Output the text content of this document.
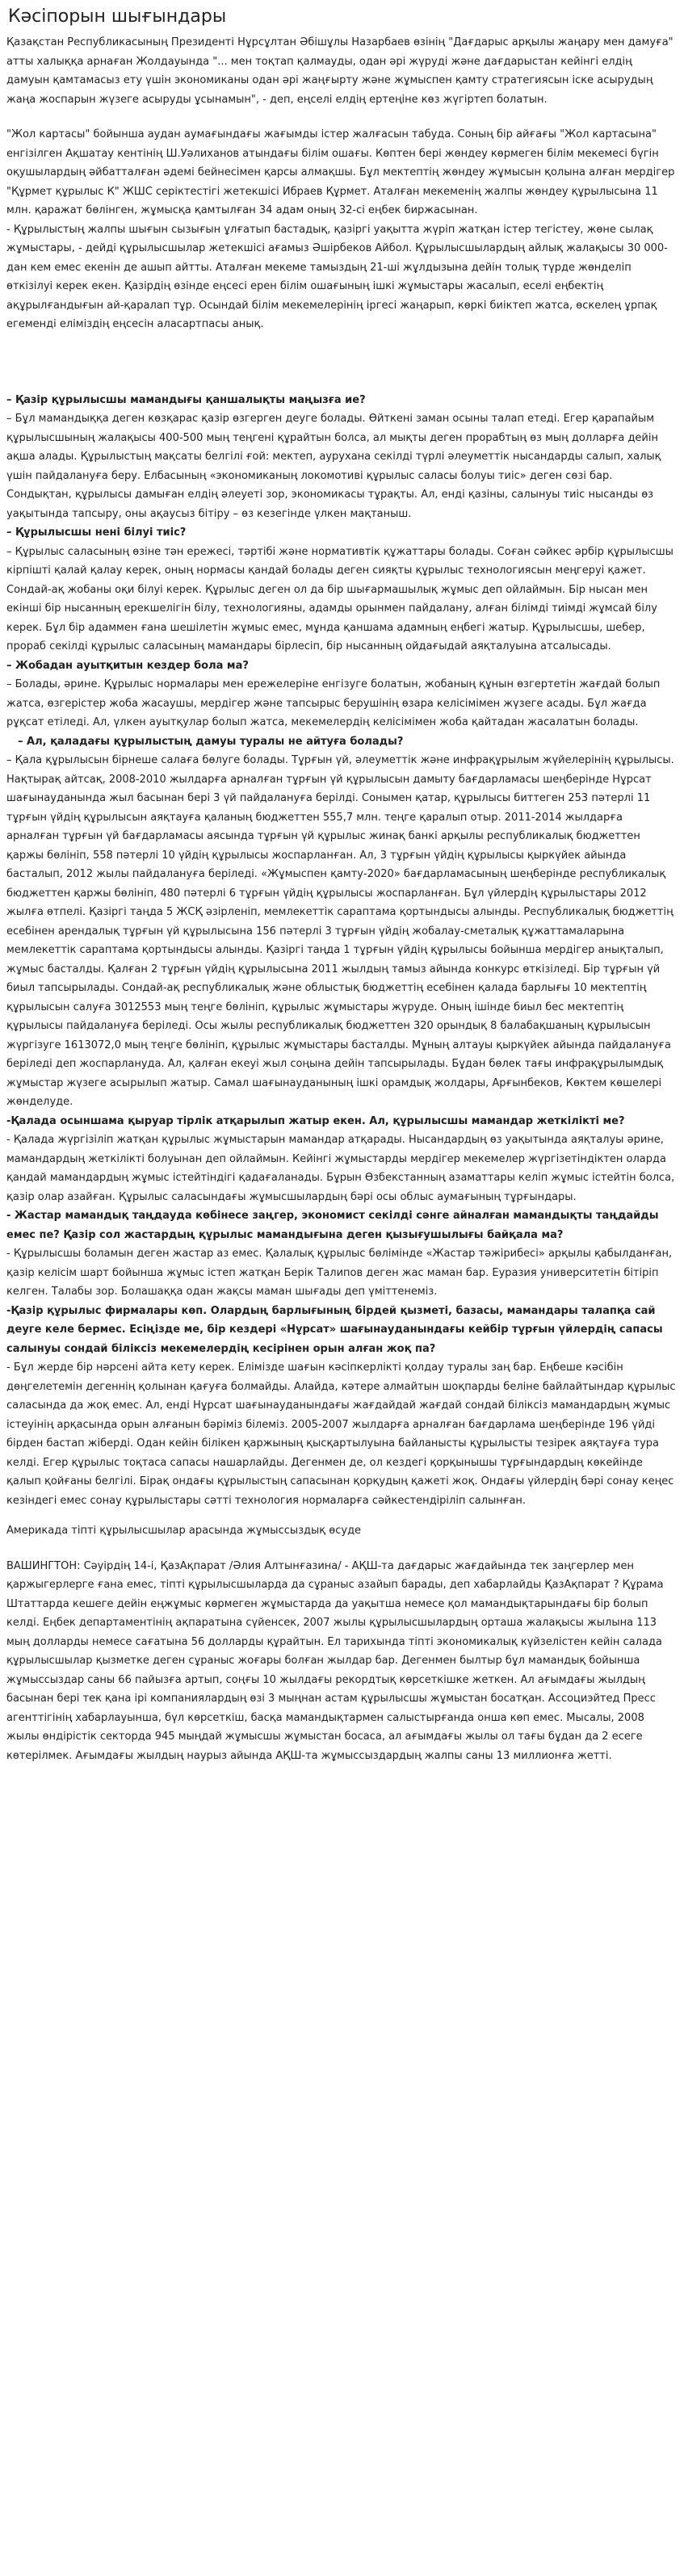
Кәсіпорын шығындары

Қазақстан Республикасының Президенті Нұрсұлтан Әбішұлы Назарбаев өзінің "Дағдарыс арқылы жаңару мен дамуға" атты халыққа арнаған Жолдауында "... мен тоқтап қалмауды, одан әрі жүруді және дағдарыстан кейінгі елдің дамуын қамтамасыз ету үшін экономиканы одан әрі жаңғырту және жұмыспен қамту стратегиясын іске асырудың жаңа жоспарын жүзеге асыруды ұсынамын", - деп, еңселі елдің ертеңіне көз жүгіртеп болатын.

"Жол картасы" бойынша аудан аумағындағы жағымды істер жалғасын табуда. Соның бір айғағы "Жол картасына" енгізілген Ақшатау кентінің Ш.Уәлиханов атындағы білім ошағы. Көптен бері жөндеу көрмеген білім мекемесі бүгін оқушылардың әйбатталған әдемі бейнесімен қарсы алмақшы. Бұл мектептің жөндеу жұмысын қолына алған мердігер "Құрмет құрылыс К" ЖШС серіктестігі жетекшісі Ибраев Құрмет. Аталған мекеменің жалпы жөндеу құрылысына 11 млн. қаражат бөлінген, жұмысқа қамтылған 34 адам оның 32-сі еңбек биржасынан.

- Құрылыстың жалпы шығын сызығын ұлғатып бастадық, қазіргі уақытта жүріп жатқан істер тегістеу, жөне сылақ жұмыстары, - дейді құрылысшылар жетекшісі ағамыз Әшірбеков Айбол. Құрылысшылардың айлық жалақысы 30 000-дан кем емес екенін де ашып айтты. Аталған мекеме тамыздың 21-ші жұлдызына дейін толық түрде жөнделіп өткізілуі керек екен. Қазірдің өзінде еңсесі ерен білім ошағының ішкі жұмыстары жасалып, еселі еңбектің ақұрылғандығын ай-қаралап тұр. Осындай білім мекемелерінің іргесі жаңарып, көркі биіктеп жатса, өскелең ұрпақ егеменді еліміздің еңсесін аласартпасы анық.

– Қазір құрылысшы мамандығы қаншалықты маңызға ие?

– Бұл мамандыққа деген көзқарас қазір өзгерген деуге болады. Өйткені заман осыны талап етеді. Егер қарапайым құрылысшының жалақысы 400-500 мың теңгені құрайтын болса, ал мықты деген прорабтың өз мың долларға дейін ақша алады. Құрылыстың мақсаты белгілі ғой: мектеп, ауруxана секілді түрлі әлеуметтік нысандарды салып, халық үшін пайдалануға беру. Елбасының «экономиканың локомотиві құрылыс саласы болуы тиіс» деген сөзі бар. Сондықтан, құрылысы дамыған елдің әлеуеті зор, экономикасы тұрақты. Ал, енді қазіны, салынуы тиіс нысанды өз уақытында тапсыру, оны ақаусыз бітіру – өз кезегінде үлкен мақтаныш.

– Құрылысшы нені білуі тиіс?

– Құрылыс саласының өзіне тән ережесі, тәртібі және нормативтік құжаттары болады. Соған сәйкес әрбір құрылысшы кірпішті қалай қалау керек, оның нормасы қандай болады деген сияқты құрылыс технологиясын меңгеруі қажет. Сондай-ақ жобаны оқи білуі керек. Құрылыс деген ол да бір шығармашылық жұмыс деп ойлаймын. Бір нысан мен екінші бір нысанның ерекшелігін білу, технологияны, адамды орынмен пайдалану, алған білімді тиімді жұмсай білу керек. Бұл бір адаммен ғана шешілетін жұмыс емес, мұнда қаншама адамның еңбегі жатыр. Құрылысшы, шебер, прораб секілді құрылыс саласының мамандары бірлесіп, бір нысанның ойдағыдай аяқталуына атсалысады.

– Жобадан ауытқитын кездер бола ма?

– Болады, әрине. Құрылыс нормалары мен ережелеріне енгізуге болатын, жобаның құнын өзгертетін жағдай болып жатса, өзгерістер жоба жасаушы, мердігер және тапсырыс берушінің өзара келісімімен жүзеге асады. Бұл жағда рұқсат етіледі. Ал, үлкен ауытқулар болып жатса, мекемелердің келісімімен жоба қайтадан жасалатын болады.

– Ал, қаладағы құрылыстың дамуы туралы не айтуға болады?

– Қала құрылысын бірнеше салаға бөлуге болады. Тұрғын үй, әлеуметтік және инфрақұрылым жүйелерінің құрылысы. Нақтырақ айтсақ, 2008-2010 жылдарға арналған тұрғын үй құрылысын дамыту бағдарламасы шеңберінде Нұрсат шағынауданында жыл басынан бері 3 үй пайдалануға берілді. Сонымен қатар, құрылысы биттеген 253 пәтерлі 11 тұрғын үйдің құрылысын аяқтауға қаланың бюджеттен 555,7 млн. теңге қаралып отыр. 2011-2014 жылдарға арналған тұрғын үй бағдарламасы аясында тұрғын үй құрылыс жинақ банкі арқылы республикалық бюджеттен қаржы бөлініп, 558 пәтерлі 10 үйдің құрылысы жоспарланған. Ал, 3 тұрғын үйдің құрылысы қыркүйек айында басталып, 2012 жылы пайдалануға беріледі. «Жұмыспен қамту-2020» бағдарламасының шеңберінде республикалық бюджеттен қаржы бөлініп, 480 пәтерлі 6 тұрғын үйдің құрылысы жоспарланған. Бұл үйлердің құрылыстары 2012 жылға өтпелі. Қазіргі таңда 5 ЖСҚ әзірленіп, мемлекеттік сараптама қортындысы алынды. Республикалық бюджеттің есебінен арендалық тұрғын үй құрылысына 156 пәтерлі 3 тұрғын үйдің жобалау-сметалық құжаттамаларына мемлекеттік сараптама қортындысы алынды. Қазіргі таңда 1 тұрғын үйдің құрылысы бойынша мердігер анықталып, жұмыс басталды. Қалған 2 тұрғын үйдің құрылысына 2011 жылдың тамыз айында конкурс өткізіледі. Бір тұрғын үй биыл тапсырылады. Сондай-ақ республикалық және облыстық бюджеттің есебінен қалада барлығы 10 мектептің құрылысын салуға 3012553 мың теңге бөлініп, құрылыс жұмыстары жүруде. Оның ішінде биыл бес мектептің құрылысы пайдалануға беріледі. Осы жылы республикалық бюджеттен 320 орындық 8 балабақшаның құрылысын жүргізуге 1613072,0 мың теңге бөлініп, құрылыс жұмыстары басталды. Мұның алтауы қыркүйек айында пайдалануға беріледі деп жоспарлануда. Ал, қалған екеуі жыл соңына дейін тапсырылады. Бұдан бөлек тағы инфрақұрылымдық жұмыстар жүзеге асырылып жатыр. Самал шағынауданының ішкі орамдық жолдары, Арғынбеков, Көктем көшелері жөнделуде.

-Қалада осыншама қыруар тірлік атқарылып жатыр екен. Ал, құрылысшы мамандар жеткілікті ме?

- Қалада жүргізіліп жатқан құрылыс жұмыстарын мамандар атқарады. Нысандардың өз уақытында аяқталуы әрине, мамандардың жеткілікті болуынан деп ойлаймын. Кейінгі жұмыстарды мердігер мекемелер жүргізетіндіктен оларда қандай мамандардың жұмыс істейтіндігі қадағаланады. Бұрын Өзбекстанның азаматтары келіп жұмыс істейтін болса, қазір олар азайған. Құрылыс саласындағы жұмысшылардың бәрі осы облыс аумағының тұрғындары.

- Жастар мамандық таңдауда көбінесе заңгер, экономист секілді сәнге айналған мамандықты таңдайды емес пе? Қазір сол жастардың құрылыс мамандығына деген қызығушылығы байқала ма?

- Құрылысшы боламын деген жастар аз емес. Қалалық құрылыс бөлімінде «Жастар тәжірибесі» арқылы қабылданған, қазір келісім шарт бойынша жұмыс істеп жатқан Берік Талипов деген жас маман бар. Еуразия университетін бітіріп келген. Талабы зор. Болашаққа одан жақсы маман шығады деп үміттенеміз.

-Қазір құрылыс фирмалары көп. Олардың барлығының бірдей қызметі, базасы, мамандары талапқа сай деуге келе бермес. Есіңізде ме, бір кездері «Нұрсат» шағынауданындағы кейбір тұрғын үйлердің сапасы салынуы сондай біліксіз мекемелердің кесірінен орын алған жоқ па?

- Бұл жерде бір нәрсені айта кету керек. Елімізде шағын кәсіпкерлікті қолдау туралы заң бар. Еңбеше кәсібін дөңгелетемін дегеннің қолынан қағуға болмайды. Алайда, кәтере алмайтын шоқпарды беліне байлайтындар құрылыс саласында да жоқ емес. Ал, енді Нұрсат шағынауданындағы жағдайдай жағдай сондай біліксіз мамандардың жұмыс істеуінің арқасында орын алғанын бәріміз білеміз. 2005-2007 жылдарға арналған бағдарлама шеңберінде 196 үйді бірден бастап жіберді. Одан кейін білікен қаржының қысқартылуына байланысты құрылысты тезірек аяқтауға тура келді. Егер құрылыс тоқтаса сапасы нашарлайды. Дегенмен де, ол кездегі қорқынышы тұрғындардың көкейінде қалып қойғаны белгілі. Бірақ ондағы құрылыстың сапасынан қорқудың қажеті жоқ. Ондағы үйлердің бәрі сонау кеңес кезіндегі емес сонау құрылыстары сәтті технология нормаларға сәйкестендіріліп салынған.

Америкада тіпті құрылысшылар арасында жұмыссыздық өсуде

ВАШИНГТОН: Сәуірдің 14-і, ҚазАқпарат /Әлия Алтынғазина/ - АҚШ-та дағдарыс жағдайында тек заңгерлер мен қаржыгерлерге ғана емес, тіпті құрылысшыларда да сұраныс азайып барады, деп хабарлайды ҚазАқпарат ? Құрама Штаттарда кешеге дейін еңжұмыс көрмеген жұмыстарда да уақытша немесе қол мамандықтарындағы бір болып келді. Еңбек департаментінің ақпаратына сүйенсек, 2007 жылы құрылысшылардың орташа жалақысы жылына 113 мың долларды немесе сағатына 56 долларды құрайтын. Ел тарихында тіпті экономикалық күйзелістен кейін салада құрылысшылар қызметке деген сұраныс жоғары болған жылдар бар. Дегенмен былтыр бұл мамандық бойынша жұмыссыздар саны 66 пайызға артып, соңғы 10 жылдағы рекордтық көрсеткішке жеткен. Ал ағымдағы жылдың басынан бері тек қана ірі компаниялардың өзі 3 мыңнан астам құрылысшы жұмыстан босатқан. Ассоциэйтед Пресс агенттігінің хабарлауынша, бүл көрсеткіш, басқа мамандықтармен салыстырғанда онша көп емес. Мысалы, 2008 жылы өндірістік секторда 945 мыңдай жұмысшы жұмыстан босаса, ал ағымдағы жылы ол тағы бұдан да 2 есеге көтерілмек. Ағымдағы жылдың наурыз айында АҚШ-та жұмыссыздардың жалпы саны 13 миллионға жетті.
